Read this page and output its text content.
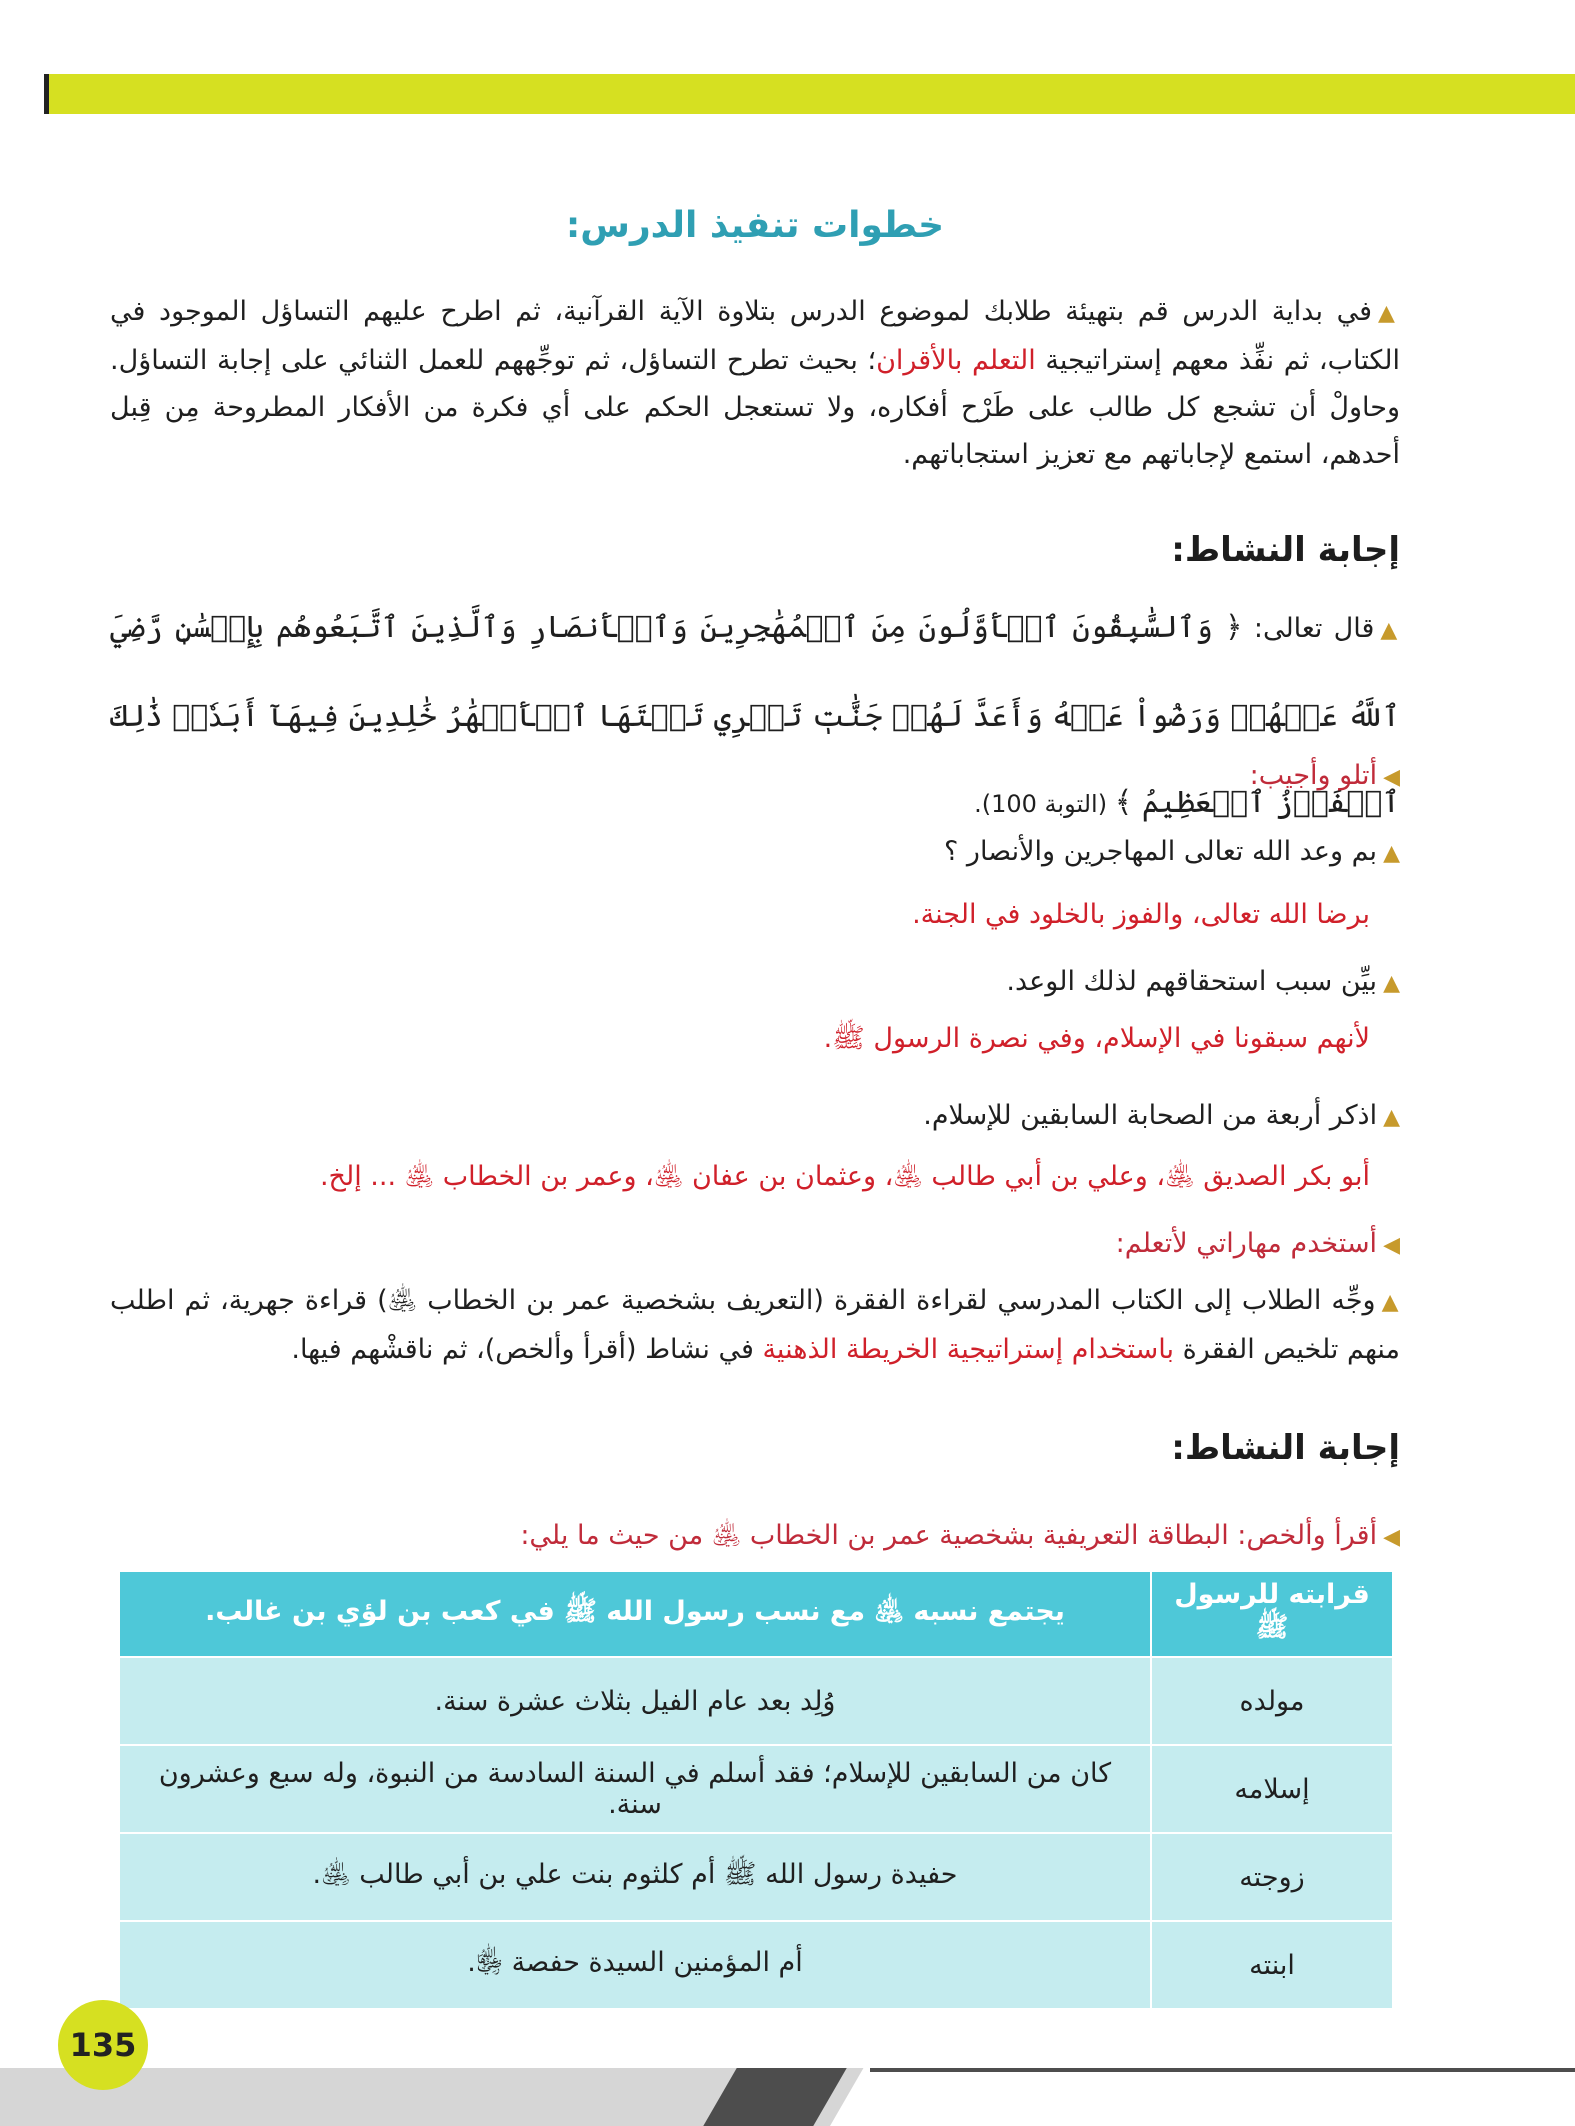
خطوات تنفيذ الدرس:

▲في بداية الدرس قم بتهيئة طلابك لموضوع الدرس بتلاوة الآية القرآنية، ثم اطرح عليهم التساؤل الموجود في الكتاب، ثم نفِّذ معهم إستراتيجية التعلم بالأقران؛ بحيث تطرح التساؤل، ثم توجِّههم للعمل الثنائي على إجابة التساؤل. وحاولْ أن تشجع كل طالب على طَرْح أفكاره، ولا تستعجل الحكم على أي فكرة من الأفكار المطروحة مِن قِبل أحدهم، استمع لإجاباتهم مع تعزيز استجاباتهم.

إجابة النشاط:

▲قال تعالى: ﴿ وَٱلسَّٰبِقُونَ ٱلۡأَوَّلُونَ مِنَ ٱلۡمُهَٰجِرِينَ وَٱلۡأَنصَارِ وَٱلَّذِينَ ٱتَّبَعُوهُم بِإِحۡسَٰنٖ رَّضِيَ ٱللَّهُ عَنۡهُمۡ وَرَضُواْ عَنۡهُ وَأَعَدَّ لَهُمۡ جَنَّٰتٖ تَجۡرِي تَحۡتَهَا ٱلۡأَنۡهَٰرُ خَٰلِدِينَ فِيهَآ أَبَدٗاۚ ذَٰلِكَ ٱلۡفَوۡزُ ٱلۡعَظِيمُ ﴾ (التوبة 100).

◀أتلو وأجيب:
▲بم وعد الله تعالى المهاجرين والأنصار ؟
برضا الله تعالى، والفوز بالخلود في الجنة.
▲بيِّن سبب استحقاقهم لذلك الوعد.
لأنهم سبقونا في الإسلام، وفي نصرة الرسول ﷺ.
▲اذكر أربعة من الصحابة السابقين للإسلام.
أبو بكر الصديق ﵁، وعلي بن أبي طالب ﵁، وعثمان بن عفان ﵁، وعمر بن الخطاب ﵁ ... إلخ.
◀أستخدم مهاراتي لأتعلم:

▲وجِّه الطلاب إلى الكتاب المدرسي لقراءة الفقرة (التعريف بشخصية عمر بن الخطاب ﵁) قراءة جهرية، ثم اطلب منهم تلخيص الفقرة باستخدام إستراتيجية الخريطة الذهنية في نشاط (أقرأ وألخص)، ثم ناقشْهم فيها.

إجابة النشاط:
◀أقرأ وألخص: البطاقة التعريفية بشخصية عمر بن الخطاب ﵁ من حيث ما يلي:
قرابته للرسول ﷺ	يجتمع نسبه ﵁ مع نسب رسول الله ﷺ في كعب بن لؤي بن غالب.
مولده	وُلِد بعد عام الفيل بثلاث عشرة سنة.
إسلامه	كان من السابقين للإسلام؛ فقد أسلم في السنة السادسة من النبوة، وله سبع وعشرون سنة.
زوجته	حفيدة رسول الله ﷺ أم كلثوم بنت علي بن أبي طالب ﵁.
ابنته	أم المؤمنين السيدة حفصة ﵂.
135
